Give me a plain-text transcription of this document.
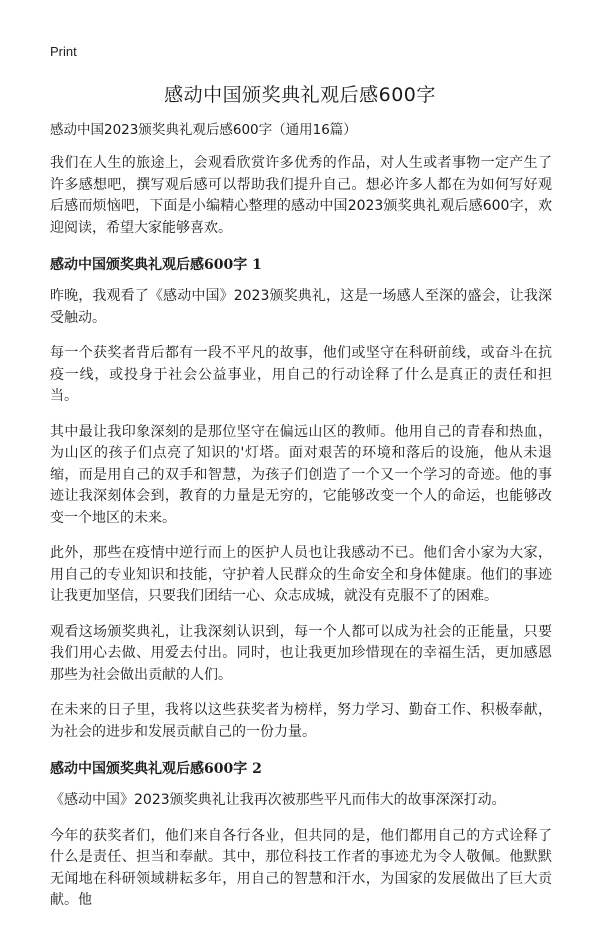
Print
感动中国颁奖典礼观后感600字
感动中国2023颁奖典礼观后感600字（通用16篇）

我们在人生的旅途上，会观看欣赏许多优秀的作品，对人生或者事物一定产生了许多感想吧，撰写观后感可以帮助我们提升自己。想必许多人都在为如何写好观后感而烦恼吧，下面是小编精心整理的感动中国2023颁奖典礼观后感600字，欢迎阅读，希望大家能够喜欢。

感动中国颁奖典礼观后感600字 1

昨晚，我观看了《感动中国》2023颁奖典礼，这是一场感人至深的盛会，让我深受触动。

每一个获奖者背后都有一段不平凡的故事，他们或坚守在科研前线，或奋斗在抗疫一线，或投身于社会公益事业，用自己的行动诠释了什么是真正的责任和担当。

其中最让我印象深刻的是那位坚守在偏远山区的教师。他用自己的青春和热血，为山区的孩子们点亮了知识的'灯塔。面对艰苦的环境和落后的设施，他从未退缩，而是用自己的双手和智慧，为孩子们创造了一个又一个学习的奇迹。他的事迹让我深刻体会到，教育的力量是无穷的，它能够改变一个人的命运，也能够改变一个地区的未来。

此外，那些在疫情中逆行而上的医护人员也让我感动不已。他们舍小家为大家，用自己的专业知识和技能，守护着人民群众的生命安全和身体健康。他们的事迹让我更加坚信，只要我们团结一心、众志成城，就没有克服不了的困难。

观看这场颁奖典礼，让我深刻认识到，每一个人都可以成为社会的正能量，只要我们用心去做、用爱去付出。同时，也让我更加珍惜现在的幸福生活，更加感恩那些为社会做出贡献的人们。

在未来的日子里，我将以这些获奖者为榜样，努力学习、勤奋工作、积极奉献，为社会的进步和发展贡献自己的一份力量。

感动中国颁奖典礼观后感600字 2

《感动中国》2023颁奖典礼让我再次被那些平凡而伟大的故事深深打动。

今年的获奖者们，他们来自各行各业，但共同的是，他们都用自己的方式诠释了什么是责任、担当和奉献。其中，那位科技工作者的事迹尤为令人敬佩。他默默无闻地在科研领域耕耘多年，用自己的智慧和汗水，为国家的发展做出了巨大贡献。他
